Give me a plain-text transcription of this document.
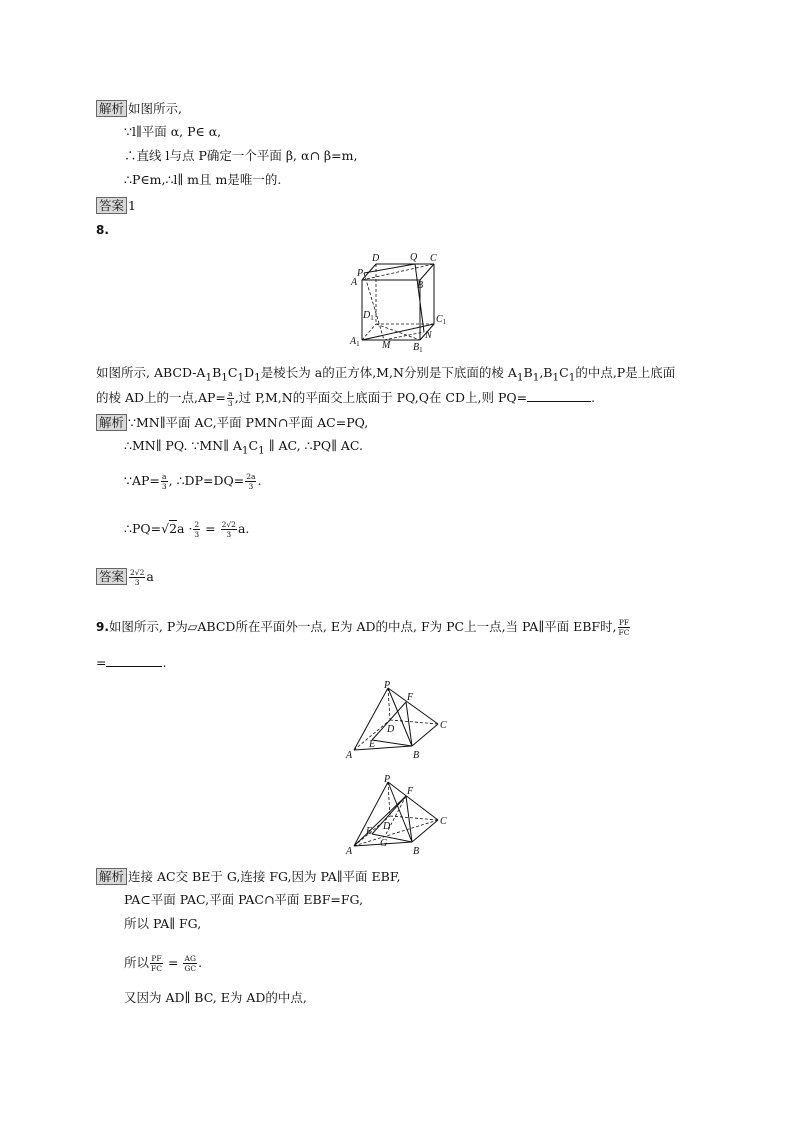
解析 如图所示,
∵l∥平面 α, P∈ α,
∴直线 l与点 P确定一个平面 β, α∩ β=m,
∴P∈m,∴l∥ m且 m是唯一的.
答案 1
8.
D	Q C
P
A	B
$D_1$	$C_1$
$A_1$ M
N
$B_1$
如图所示, ABCD-$A_1B_1C_1D_1$是棱长为 a的正方体,M,N分别是下底面的棱 $A_1B_1,B_1C_1$的中点,P是上底面
的棱 AD上的一点$,AP= \frac{a}{3}$ ,过 P,M,N的平面交上底面于 PQ,Q在 CD上,则 PQ=	.
解析 ∵MN∥平面 AC,平面 PMN∩平面 AC=PQ,
∴MN∥ PQ. ∵MN∥ $A_1C_1$ ∥ AC, ∴PQ∥ AC.
∵AP= $\frac{a}{3}$ , ∴DP=DQ= $\frac{2a}{3}$ .
∴PQ=√2a · $\frac{2}{3} = \frac{2√2}{3} a$.
答案 $\frac{2√2}{3}$ a
9.如图所示, P为▱ABCD所在平面外一点, E为 AD的中点, F为 PC上一点,当 PA∥平面 EBF时, $\frac{PF}{FC}$
=	.
P
F
C
D
E
A	B
P
F
C
D
E
G
A	B
解析 连接 AC交 BE于 G,连接 FG,因为 PA∥平面 EBF,
PA⊂平面 PAC,平面 PAC∩平面 EBF=FG,
所以 PA∥ FG,
所以 $\frac{PF}{FC} = \frac{AG}{GC}$ .
又因为 AD∥ BC, E为 AD的中点,
